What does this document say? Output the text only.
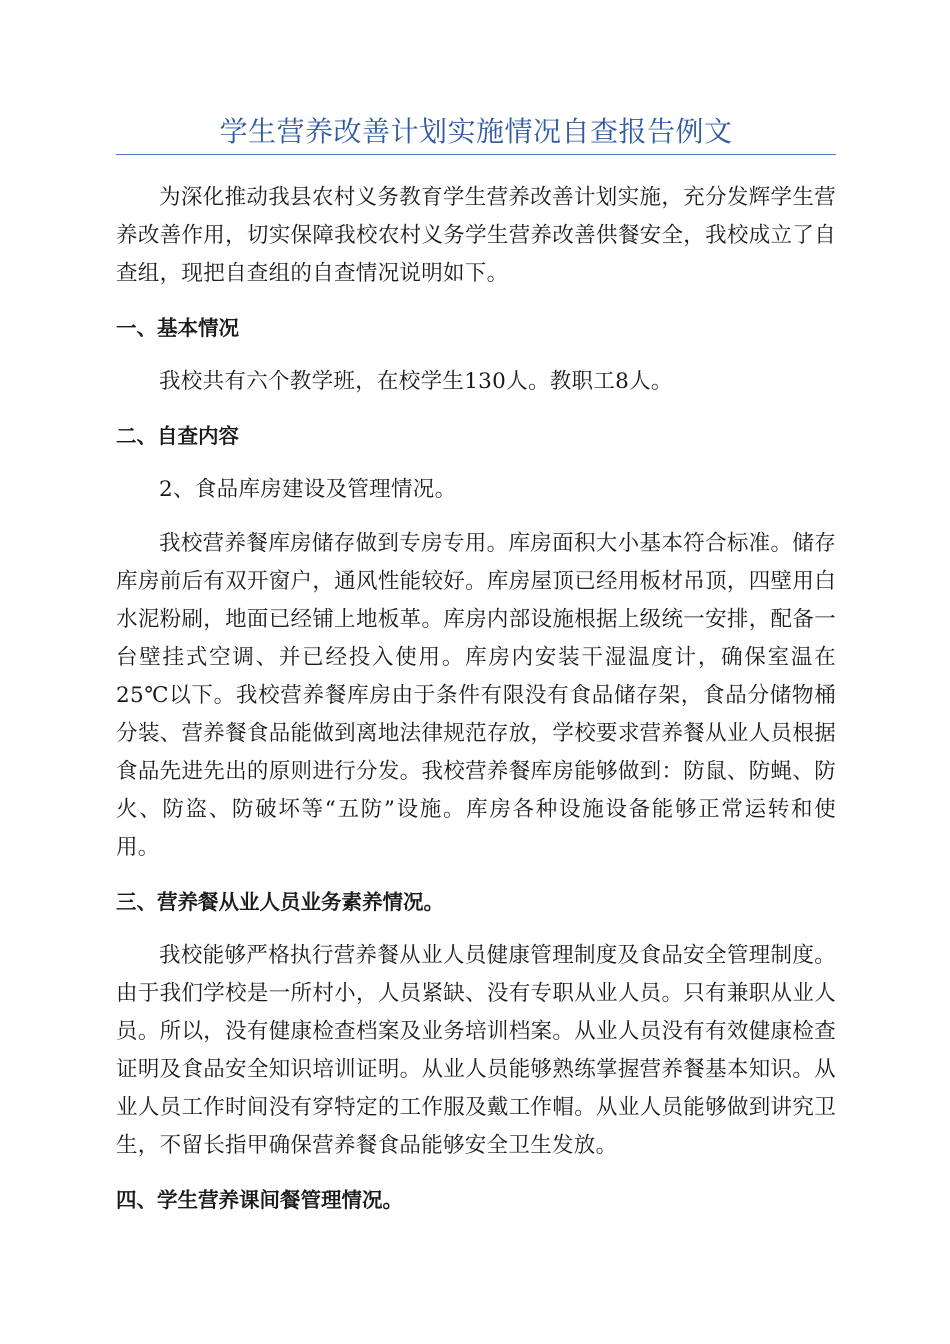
学生营养改善计划实施情况自查报告例文

为深化推动我县农村义务教育学生营养改善计划实施，充分发辉学生营养改善作用，切实保障我校农村义务学生营养改善供餐安全，我校成立了自查组，现把自查组的自查情况说明如下。

一、基本情况

我校共有六个教学班，在校学生130人。教职工8人。

二、自查内容

2、食品库房建设及管理情况。

我校营养餐库房储存做到专房专用。库房面积大小基本符合标准。储存库房前后有双开窗户，通风性能较好。库房屋顶已经用板材吊顶，四壁用白水泥粉刷，地面已经铺上地板革。库房内部设施根据上级统一安排，配备一台壁挂式空调、并已经投入使用。库房内安装干湿温度计，确保室温在25℃以下。我校营养餐库房由于条件有限没有食品储存架，食品分储物桶分装、营养餐食品能做到离地法律规范存放，学校要求营养餐从业人员根据食品先进先出的原则进行分发。我校营养餐库房能够做到：防鼠、防蝇、防火、防盗、防破坏等“五防”设施。库房各种设施设备能够正常运转和使用。

三、营养餐从业人员业务素养情况。

我校能够严格执行营养餐从业人员健康管理制度及食品安全管理制度。由于我们学校是一所村小，人员紧缺、没有专职从业人员。只有兼职从业人员。所以，没有健康检查档案及业务培训档案。从业人员没有有效健康检查证明及食品安全知识培训证明。从业人员能够熟练掌握营养餐基本知识。从业人员工作时间没有穿特定的工作服及戴工作帽。从业人员能够做到讲究卫生，不留长指甲确保营养餐食品能够安全卫生发放。

四、学生营养课间餐管理情况。
